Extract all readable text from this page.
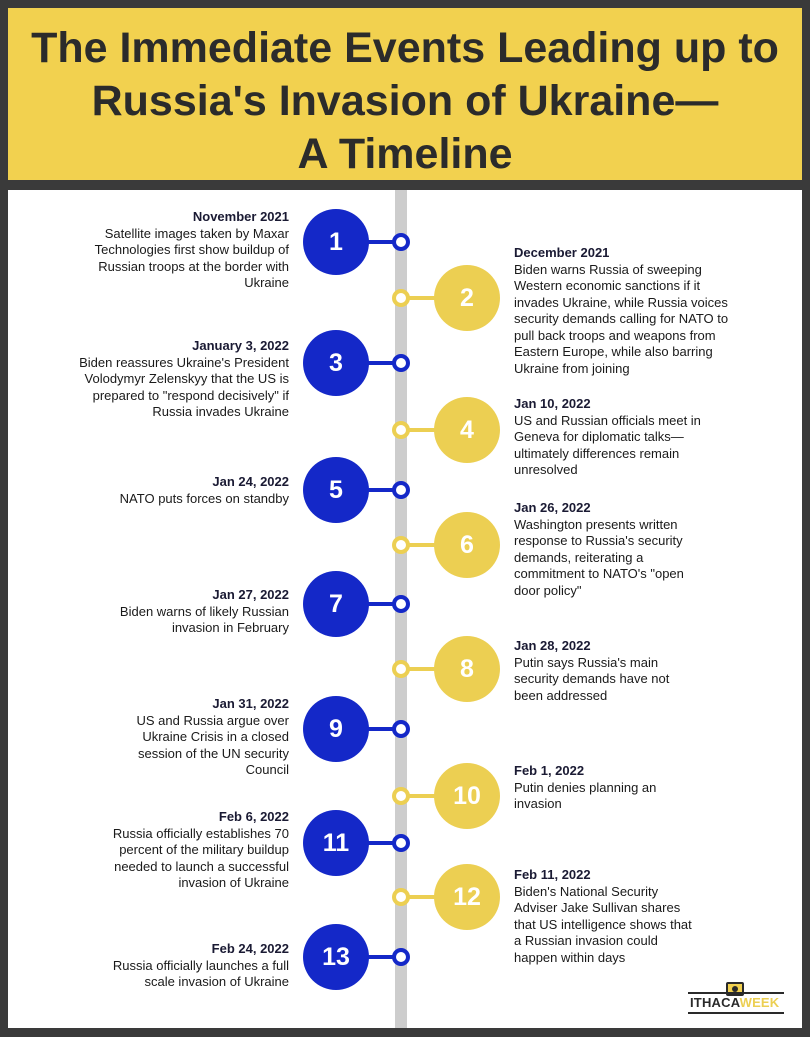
The Immediate Events Leading up to
Russia's Invasion of Ukraine—
A Timeline
1
November 2021
Satellite images taken by Maxar
Technologies first show buildup of
Russian troops at the border with
Ukraine
2
December 2021
Biden warns Russia of sweeping
Western economic sanctions if it
invades Ukraine, while Russia voices
security demands calling for NATO to
pull back troops and weapons from
Eastern Europe, while also barring
Ukraine from joining
3
January 3, 2022
Biden reassures Ukraine's President
Volodymyr Zelenskyy that the US is
prepared to "respond decisively" if
Russia invades Ukraine
4
Jan 10, 2022
US and Russian officials meet in
Geneva for diplomatic talks—
ultimately differences remain
unresolved
5
Jan 24, 2022
NATO puts forces on standby
6
Jan 26, 2022
Washington presents written
response to Russia's security
demands, reiterating a
commitment to NATO's "open
door policy"
7
Jan 27, 2022
Biden warns of likely Russian
invasion in February
8
Jan 28, 2022
Putin says Russia's main
security demands have not
been addressed
9
Jan 31, 2022
US and Russia argue over
Ukraine Crisis in a closed
session of the UN security
Council
10
Feb 1, 2022
Putin denies planning an
invasion
11
Feb 6, 2022
Russia officially establishes 70
percent of the military buildup
needed to launch a successful
invasion of Ukraine	12
Feb 11, 2022
Biden's National Security
Adviser Jake Sullivan shares
that US intelligence shows that
a Russian invasion could
happen within days
13
Feb 24, 2022
Russia officially launches a full
scale invasion of Ukraine
ITHACAWEEK
